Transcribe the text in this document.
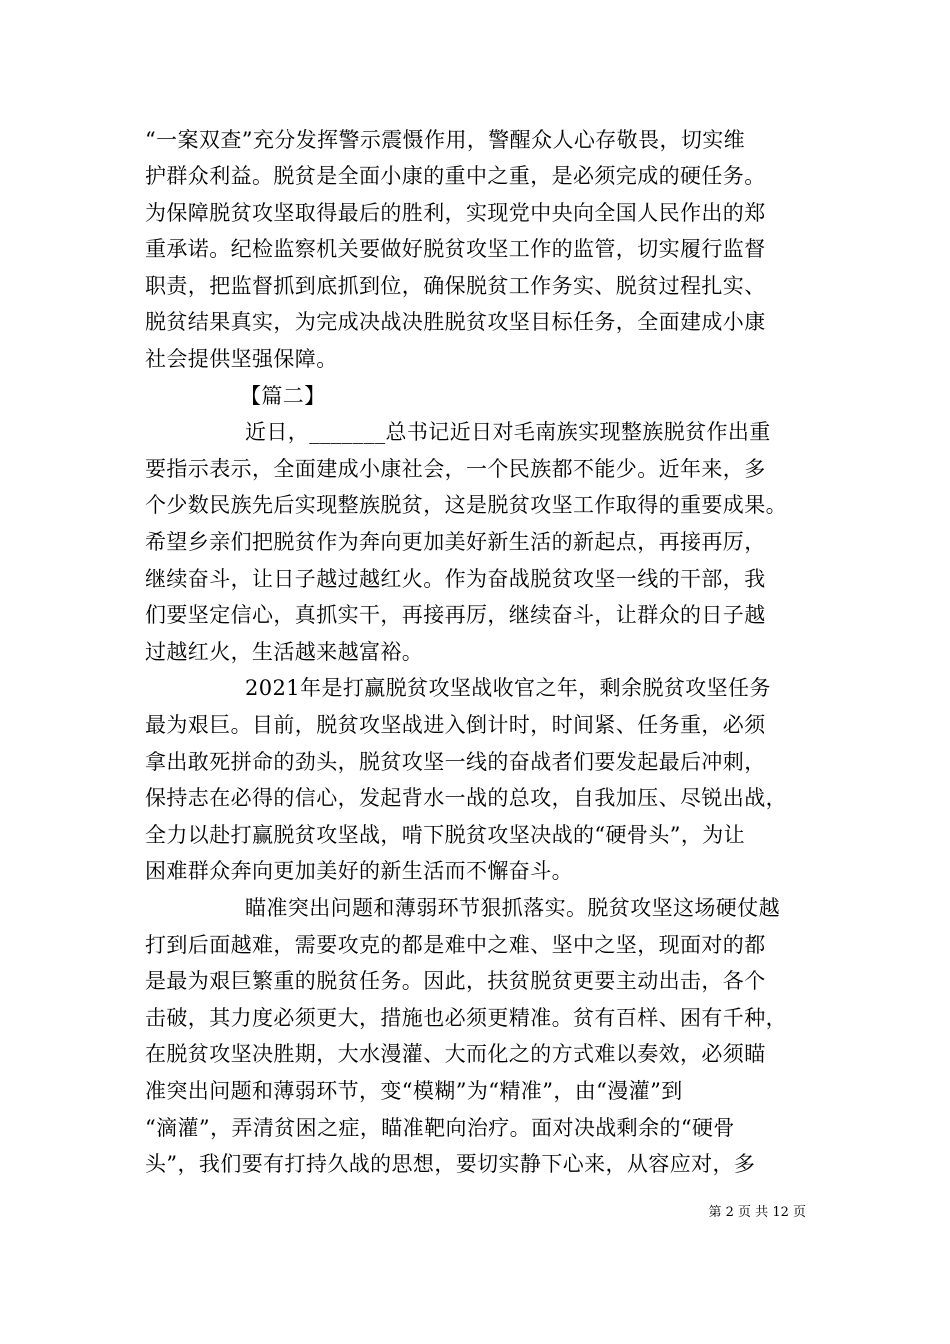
“一案双查”充分发挥警示震慑作用，警醒众人心存敬畏，切实维
护群众利益。脱贫是全面小康的重中之重，是必须完成的硬任务。
为保障脱贫攻坚取得最后的胜利，实现党中央向全国人民作出的郑
重承诺。纪检监察机关要做好脱贫攻坚工作的监管，切实履行监督
职责，把监督抓到底抓到位，确保脱贫工作务实、脱贫过程扎实、
脱贫结果真实，为完成决战决胜脱贫攻坚目标任务，全面建成小康
社会提供坚强保障。
【篇二】
近日，_______总书记近日对毛南族实现整族脱贫作出重
要指示表示，全面建成小康社会，一个民族都不能少。近年来，多
个少数民族先后实现整族脱贫，这是脱贫攻坚工作取得的重要成果。
希望乡亲们把脱贫作为奔向更加美好新生活的新起点，再接再厉，
继续奋斗，让日子越过越红火。作为奋战脱贫攻坚一线的干部，我
们要坚定信心，真抓实干，再接再厉，继续奋斗，让群众的日子越
过越红火，生活越来越富裕。
2021年是打赢脱贫攻坚战收官之年，剩余脱贫攻坚任务
最为艰巨。目前，脱贫攻坚战进入倒计时，时间紧、任务重，必须
拿出敢死拼命的劲头，脱贫攻坚一线的奋战者们要发起最后冲刺，
保持志在必得的信心，发起背水一战的总攻，自我加压、尽锐出战，
全力以赴打赢脱贫攻坚战，啃下脱贫攻坚决战的“硬骨头”，为让
困难群众奔向更加美好的新生活而不懈奋斗。
瞄准突出问题和薄弱环节狠抓落实。脱贫攻坚这场硬仗越
打到后面越难，需要攻克的都是难中之难、坚中之坚，现面对的都
是最为艰巨繁重的脱贫任务。因此，扶贫脱贫更要主动出击，各个
击破，其力度必须更大，措施也必须更精准。贫有百样、困有千种，
在脱贫攻坚决胜期，大水漫灌、大而化之的方式难以奏效，必须瞄
准突出问题和薄弱环节，变“模糊”为“精准”，由“漫灌”到
“滴灌”，弄清贫困之症，瞄准靶向治疗。面对决战剩余的“硬骨
头”，我们要有打持久战的思想，要切实静下心来，从容应对，多
第 2 页 共 12 页
